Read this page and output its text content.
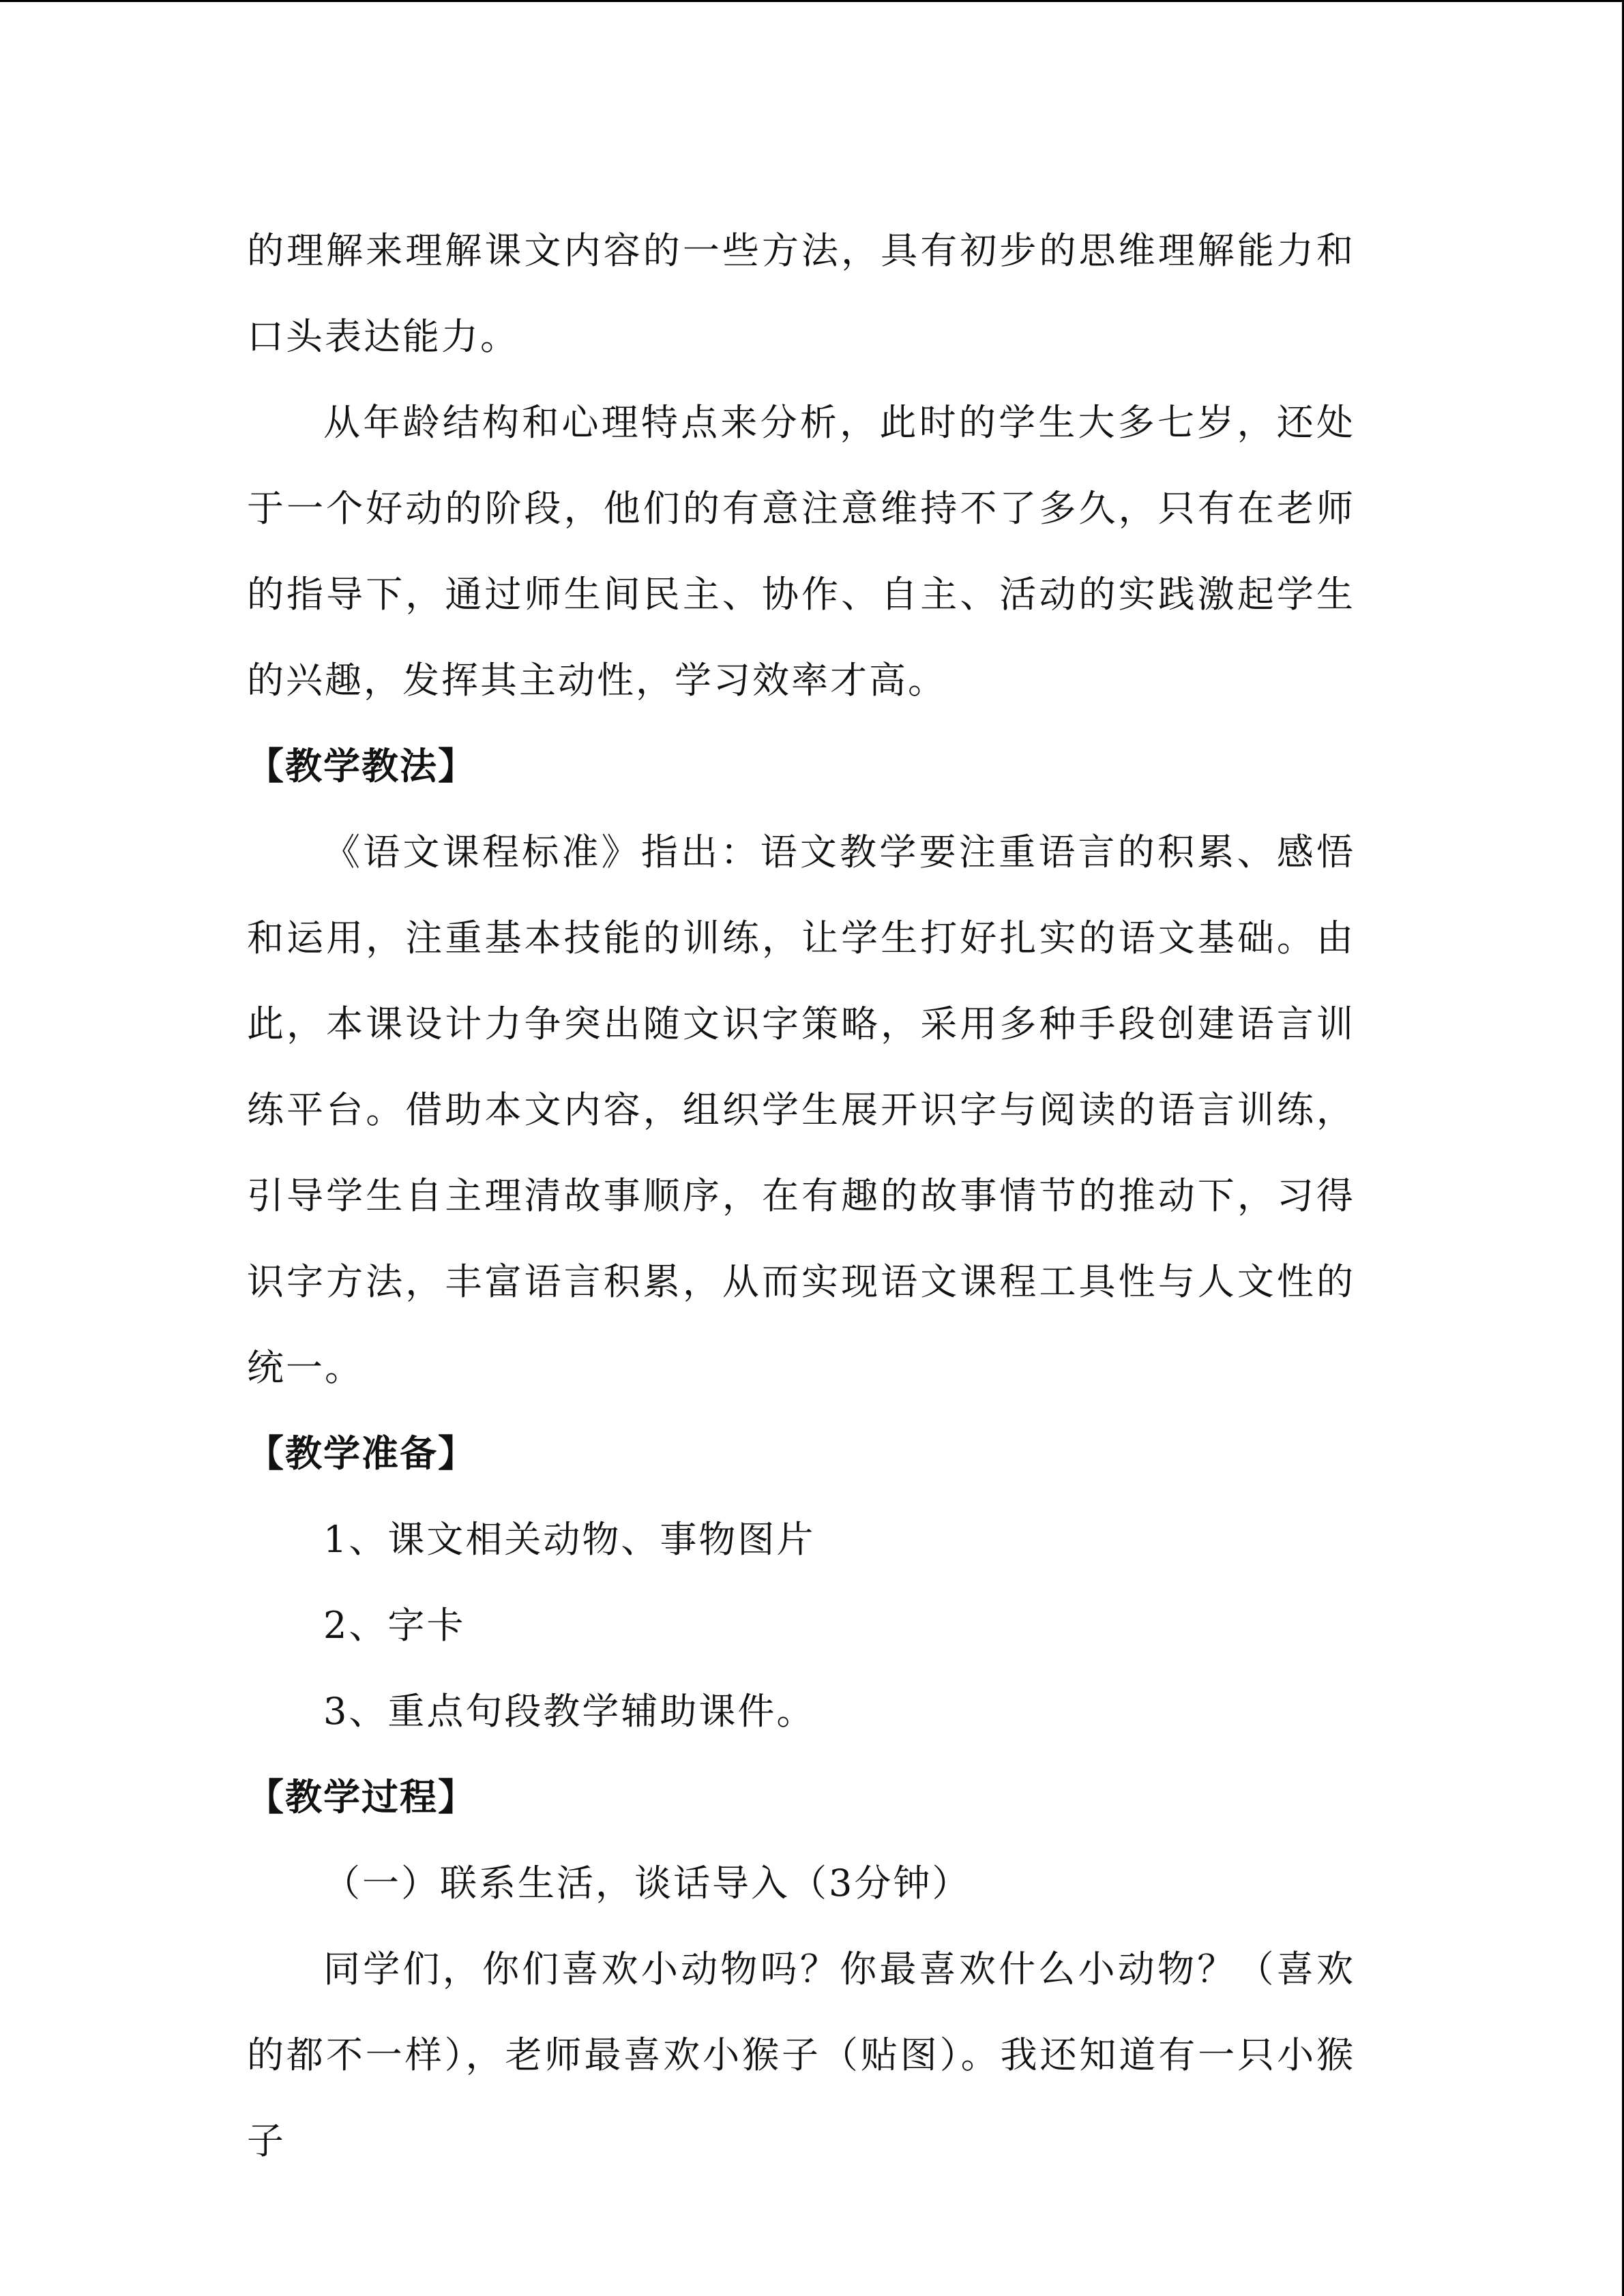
的理解来理解课文内容的一些方法，具有初步的思维理解能力和口头表达能力。

从年龄结构和心理特点来分析，此时的学生大多七岁，还处于一个好动的阶段，他们的有意注意维持不了多久，只有在老师的指导下，通过师生间民主、协作、自主、活动的实践激起学生的兴趣，发挥其主动性，学习效率才高。

【教学教法】

《语文课程标准》指出：语文教学要注重语言的积累、感悟和运用，注重基本技能的训练，让学生打好扎实的语文基础。由此，本课设计力争突出随文识字策略，采用多种手段创建语言训练平台。借助本文内容，组织学生展开识字与阅读的语言训练，引导学生自主理清故事顺序，在有趣的故事情节的推动下，习得识字方法，丰富语言积累，从而实现语文课程工具性与人文性的统一。

【教学准备】

1、课文相关动物、事物图片

2、字卡

3、重点句段教学辅助课件。

【教学过程】

（一）联系生活，谈话导入（3分钟）

同学们，你们喜欢小动物吗？你最喜欢什么小动物？（喜欢的都不一样），老师最喜欢小猴子（贴图）。我还知道有一只小猴子
